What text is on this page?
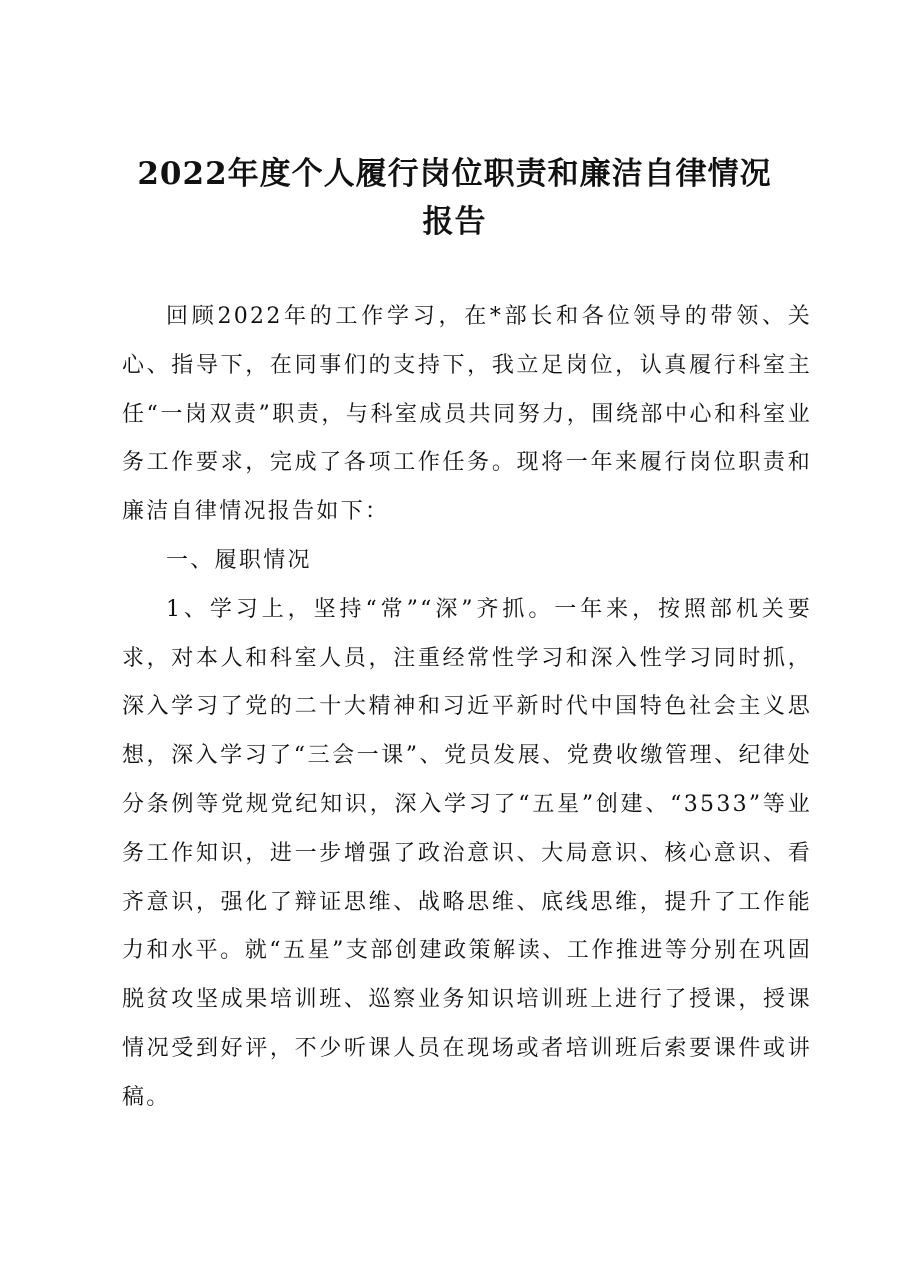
2022年度个人履行岗位职责和廉洁自律情况
报告

回顾2022年的工作学习，在*部长和各位领导的带领、关心、指导下，在同事们的支持下，我立足岗位，认真履行科室主任“一岗双责”职责，与科室成员共同努力，围绕部中心和科室业务工作要求，完成了各项工作任务。现将一年来履行岗位职责和廉洁自律情况报告如下：

一、履职情况

1、学习上，坚持“常”“深”齐抓。一年来，按照部机关要求，对本人和科室人员，注重经常性学习和深入性学习同时抓，深入学习了党的二十大精神和习近平新时代中国特色社会主义思想，深入学习了“三会一课”、党员发展、党费收缴管理、纪律处分条例等党规党纪知识，深入学习了“五星”创建、“3533”等业务工作知识，进一步增强了政治意识、大局意识、核心意识、看齐意识，强化了辩证思维、战略思维、底线思维，提升了工作能力和水平。就“五星”支部创建政策解读、工作推进等分别在巩固脱贫攻坚成果培训班、巡察业务知识培训班上进行了授课，授课情况受到好评，不少听课人员在现场或者培训班后索要课件或讲稿。
